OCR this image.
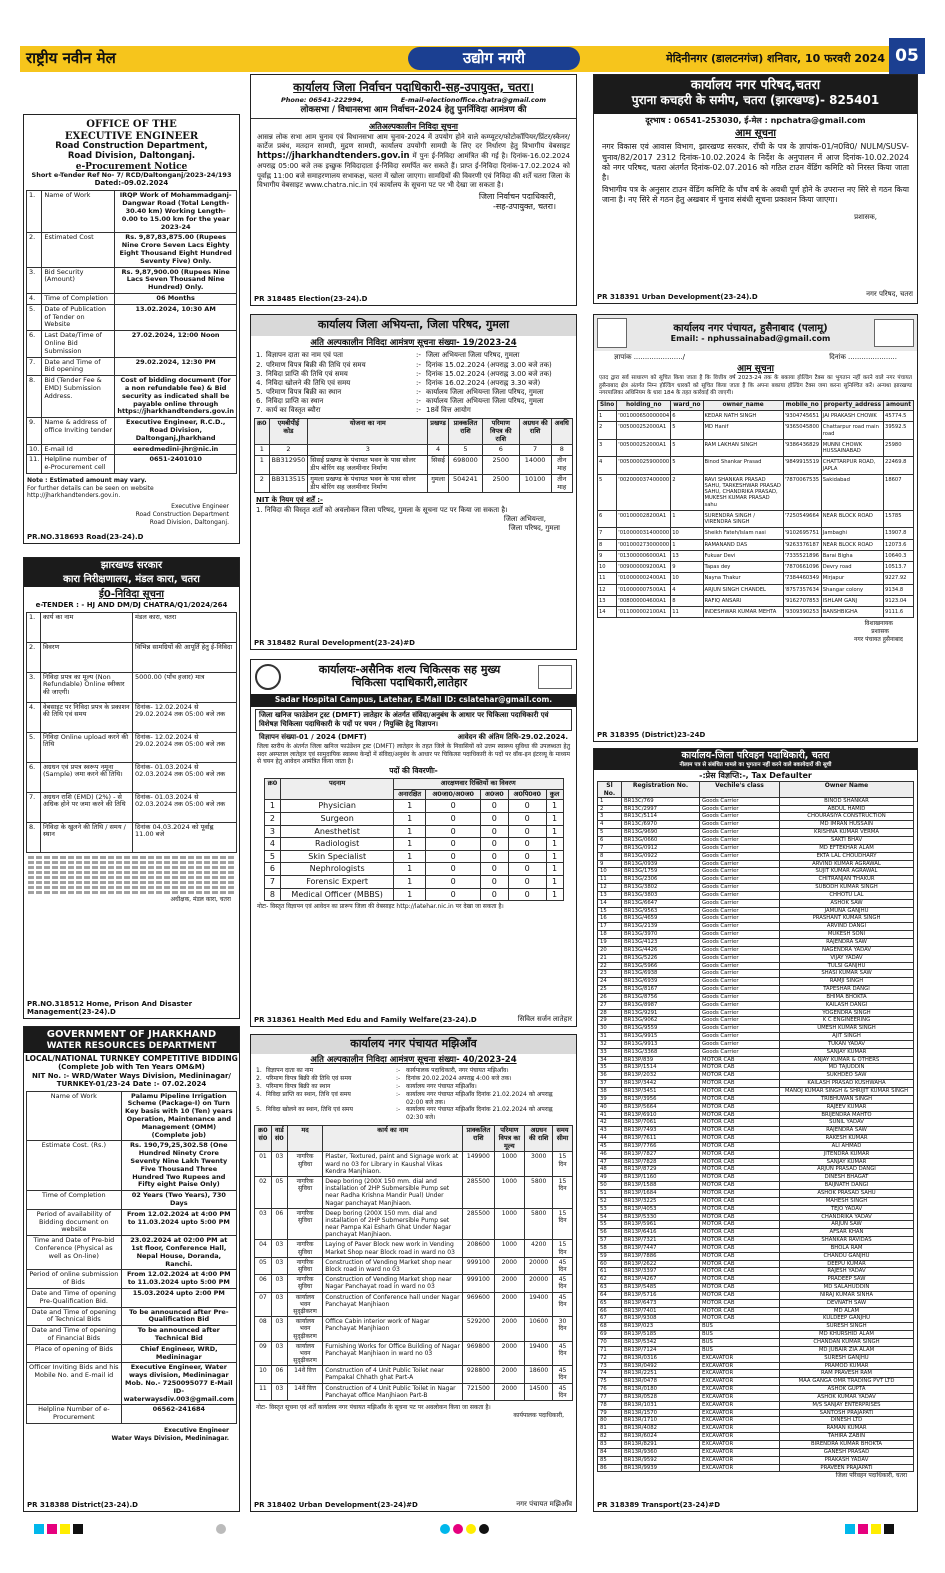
राष्ट्रीय नवीन मेल	उद्योग नगरी	मेदिनीनगर (डालटनगंज) शनिवार, 10 फरवरी 2024 05
OFFICE OF THE
EXECUTIVE ENGINEER
Road Construction Department,
Road Division, Daltonganj.
e-Procurement Notice
Short e-Tender Ref No- 7/ RCD/Daltonganj/2023-24/193
Dated:-09.02.2024
1.	Name of Work	IRQP Work of Mohammadganj-Dangwar Road (Total Length- 30.40 km) Working Length- 0.00 to 15.00 km for the year 2023-24
2.	Estimated Cost	Rs. 9,87,83,875.00 (Rupees Nine Crore Seven Lacs Eighty Eight Thousand Eight Hundred Seventy Five) Only.
3.	Bid Security (Amount)	Rs. 9,87,900.00 (Rupees Nine Lacs Seven Thousand Nine Hundred) Only.
4.	Time of Completion	06 Months
5.	Date of Publication of Tender on Website	13.02.2024, 10:30 AM
6.	Last Date/Time of Online Bid Submission	27.02.2024, 12:00 Noon
7.	Date and Time of Bid opening	29.02.2024, 12:30 PM
8.	Bid (Tender Fee & EMD) Submission Address.	Cost of bidding document (for a non refundable fee) & Bid security as indicated shall be payable online through https://jharkhandtenders.gov.in
9.	Name & address of office Inviting tender	Executive Engineer, R.C.D., Road Division, Daltonganj,Jharkhand
10.	E-mail Id	eeredmedini-jhr@nic.in
11.	Helpline number of e-Procurement cell	0651-2401010
Note : Estimated amount may vary.
For further details can be seen on website http://jharkhandtenders.gov.in.
Executive Engineer
Road Construction Department
Road Division, Daltonganj.
PR.NO.318693 Road(23-24).D
झारखण्ड सरकार
कारा निरीक्षणालय, मंडल कारा, चतरा
ई0-निविदा सूचना
e-TENDER : - HJ AND DM/DJ CHATRA/Q1/2024/264
1.	कार्य का नाम	मंडल कारा, चतरा
2.	विवरण	विभिन्न सामग्रियों की आपूर्ति हेतु ई-निविदा
3.	निविदा प्रपत्र का मूल्य (Non Refundable) Online स्वीकार की जाएगी।	5000.00 (पाँच हजार) मात्र
4.	वेबसाइट पर निविदा प्रपत्र के प्रकाशन की तिथि एवं समय	दिनांक- 12.02.2024 से 29.02.2024 तक 05:00 बजे तक
5.	निविदा Online upload करने की तिथि	दिनांक- 12.02.2024 से 29.02.2024 तक 05:00 बजे तक
6.	अग्रधन एवं प्रपत्र स्वरूप नमूना (Sample) जमा करने की तिथि।	दिनांक- 01.03.2024 से 02.03.2024 तक 05:00 बजे तक
7.	अग्रधन राशि (EMD) (2%) - से अधिक होने पर जमा करने की तिथि	दिनांक- 01.03.2024 से 02.03.2024 तक 05:00 बजे तक
8.	निविदा के खुलने की तिथि / समय / स्थान	दिनांक 04.03.2024 को पूर्वाह्न 11.00 बजे
अधीक्षक, मंडल कारा, चतरा
PR.NO.318512 Home, Prison And Disaster Management(23-24).D
GOVERNMENT OF JHARKHAND
WATER RESOURCES DEPARTMENT
LOCAL/NATIONAL TURNKEY COMPETITIVE BIDDING
(Complete Job with Ten Years OM&M)
NIT No. :- WRD/Water Ways Division, Medininagar/
TURNKEY-01/23-24 Date :- 07.02.2024
Name of Work	Palamu Pipeline Irrigation Scheme (Package-I) on Turn Key basis with 10 (Ten) years Operation, Maintenance and Management (OMM) (Complete job)
Estimate Cost. (Rs.)	Rs. 190,79,25,302.58 (One Hundred Ninety Crore Seventy Nine Lakh Twenty Five Thousand Three Hundred Two Rupees and Fifty eight Paise Only)
Time of Completion	02 Years (Two Years), 730 Days
Period of availability of Bidding document on website	From 12.02.2024 at 4:00 PM to 11.03.2024 upto 5:00 PM
Time and Date of Pre-bid Conference (Physical as well as On-line)	23.02.2024 at 02:00 PM at 1st floor, Conference Hall, Nepal House, Doranda, Ranchi.
Period of online submission of Bids	From 12.02.2024 at 4:00 PM to 11.03.2024 upto 5:00 PM
Date and Time of opening Pre-Qualification Bid.	15.03.2024 upto 2:00 PM
Date and Time of opening of Technical Bids	To be announced after Pre-Qualification Bid
Date and Time of opening of Financial Bids	To be announced after Technical Bid
Place of opening of Bids	Chief Engineer, WRD, Medininagar
Officer Inviting Bids and his Mobile No. and E-mail id	Executive Engineer, Water ways division, Medininagar Mob. No.- 7250095077 E-Mail ID- waterwaysdiv.003@gmail.com
Helpline Number of e-Procurement	06562-241684
Executive Engineer
Water Ways Division, Medininagar.
PR 318388 District(23-24).D
कार्यालय जिला निर्वाचन पदाधिकारी-सह-उपायुक्त, चतरा।
Phone: 06541-222994,	E-mail-electionoffice.chatra@gmail.com
लोकसभा / विधानसभा आम निर्वाचन-2024 हेतु पुनर्निविदा आमंत्रण की
अतिअल्पकालीन निविदा सूचना
आसन्न लोक सभा आम चुनाव एवं विधानसभा आम चुनाव-2024 में उपयोग होने वाले कम्प्यूटर/फोटोकॉपियर/प्रिंटर/स्कैनर/कार्टेज प्रबंध, मतदान सामग्री, मुद्रण सामग्री, कार्यालय उपयोगी सामग्री के लिए दर निर्धारण हेतु विभागीय वेबसाइट https://jharkhandtenders.gov.in में पुनः ई-निविदा आमंत्रित की गई है। दिनांक-16.02.2024 अपराह्न 05:00 बजे तक इच्छुक निविदादाता ई-निविदा समर्पित कर सकते हैं। प्राप्त ई-निविदा दिनांक-17.02.2024 को पूर्वाह्न 11:00 बजे समाहरणालय सभाकक्ष, चतरा में खोला जाएगा। सामग्रियों की विवरणी एवं निविदा की शर्तें चतरा जिला के विभागीय वेबसाइट www.chatra.nic.in एवं कार्यालय के सूचना पट पर भी देखा जा सकता है।
जिला निर्वाचन पदाधिकारी,
-सह-उपायुक्त, चतरा।
PR 318485 Election(23-24).D
कार्यालय जिला अभियन्ता, जिला परिषद, गुमला
अति अल्पकालीन निविदा आमंत्रण सूचना संख्या- 19/2023-24
1. विज्ञापन दाता का नाम एवं पता	:- जिला अभियन्ता जिला परिषद, गुमला
2. परिमाण विपत्र बिक्री की तिथि एवं समय	:- दिनांक 15.02.2024 (अपराह्न 3.00 बजे तक)
3. निविदा प्राप्ति की तिथि एवं समय	:- दिनांक 15.02.2024 (अपराह्न 3.00 बजे तक)
4. निविदा खोलने की तिथि एवं समय	:- दिनांक 16.02.2024 (अपराह्न 3.30 बजे)
5. परिमाण विपत्र बिक्री का स्थान	:- कार्यालय जिला अभियन्ता जिला परिषद, गुमला
6. निविदा प्राप्ति का स्थान	:- कार्यालय जिला अभियन्ता जिला परिषद, गुमला
7. कार्य का विस्तृत ब्यौरा	:- 18वें वित्त आयोग
क्र0	एमबीपीई कोड	योजना का नाम	प्रखण्ड	प्राक्कलित राशि	परिमाण विपत्र की राशि	अग्रधन की राशि	अवधि
1	2	3	4	5	6	7	8
1	BB312950	सिसई प्रखण्ड के पंचायत भवन के पास सोलर डीप बोरिंग सह जलमीनार निर्माण	सिसई	698000	2500	14000	तीन माह
2	BB313515	गुमला प्रखण्ड के पंचायत भवन के पास सोलर डीप बोरिंग सह जलमीनार निर्माण	गुमला	504241	2500	10100	तीन माह
NIT के नियम एवं शर्तें :-
1. निविदा की विस्तृत शर्तों को अवलोकन जिला परिषद, गुमला के सूचना पट पर किया जा सकता है।
जिला अभियन्ता,
जिला परिषद, गुमला
PR 318482 Rural Development(23-24)#D
कार्यालयः-असैनिक शल्य चिकित्सक सह मुख्य
चिकित्सा पदाधिकारी,लातेहार
Sadar Hospital Campus, Latehar, E-Mail ID: cslatehar@gmail.com.
जिला खनिज फाउंडेशन ट्रस्ट (DMFT) लातेहार के अंतर्गत संविदा/अनुबंध के आधार पर चिकित्सा पदाधिकारी एवं विशेषज्ञ चिकित्सा पदाधिकारी के पदों पर चयन / नियुक्ति हेतु विज्ञापन।
विज्ञापन संख्या-01 / 2024 (DMFT)	आवेदन की अंतिम तिथि-29.02.2024.
जिला स्तरीय के अंतर्गत जिला खनिज फाउंडेशन ट्रस्ट (DMFT) लातेहार के तहत जिले के निवासियों को उत्तम स्वास्थ्य सुविधा की उपलब्धता हेतु सदर अस्पताल लातेहार एवं सामुदायिक स्वास्थ्य केन्द्रों में संविदा/अनुबंध के आधार पर चिकित्सा पदाधिकारी के पदों पर वॉक-इन इंटरव्यू के माध्यम से चयन हेतु आवेदन आमंत्रित किया जाता है।
पदों की विवरणीः-
क्र0	पदनाम	आरक्षणवार रिक्तियों का विवरण				
		अनारक्षित	अ0जा0/अ0ज0	अ0ज0	अ0पि0व0	कुल
1	Physician	1	0	0	0	1
2	Surgeon	1	0	0	0	1
3	Anesthetist	1	0	0	0	1
4	Radiologist	1	0	0	0	1
5	Skin Specialist	1	0	0	0	1
6	Nephrologists	1	0	0	0	1
7	Forensic Expert	1	0	0	0	1
8	Medical Officer (MBBS)	1	0	0	0	1
नोटः- विस्तृत विज्ञापन एवं आवेदन का प्रारूप जिला की वेबसाइट http://latehar.nic.in पर देखा जा सकता है।
PR 318361 Health Med Edu and Family Welfare(23-24).D	सिविल सर्जन लातेहार
कार्यालय नगर पंचायत मझिआँव
अति अल्पकालीन निविदा आमंत्रण सूचना संख्या- 40/2023-24
1. विज्ञापन दाता का नाम	:- कार्यपालक पदाधिकारी, नगर पंचायत मझिआँव।
2. परिमाण विपत्र बिक्री की तिथि एवं समय	:- दिनांक 20.02.2024 अपराह्न 4:00 बजे तक।
3. परिमाण विपत्र बिक्री का स्थान	:- कार्यालय नगर पंचायत मझिआँव।
4. निविदा प्राप्ति का स्थान, तिथि एवं समय	:- कार्यालय नगर पंचायत मझिआँव दिनांक 21.02.2024 को अपराह्न 02:00 बजे तक।
5. निविदा खोलने का स्थान, तिथि एवं समय	:- कार्यालय नगर पंचायत मझिआँव दिनांक 21.02.2024 को अपराह्न 02:30 बजे।
क्र0 सं0	वार्ड सं0	मद	कार्य का नाम	प्राक्कलित राशि	परिमाण विपत्र का मूल्य	अग्रधन की राशि	समय सीमा
01	03	नागरिक सुविधा	Plaster, Textured, paint and Signage work at ward no 03 for Library in Kaushal Vikas Kendra Manjhiaon.	149900	1000	3000	15 दिन
02	05	नागरिक सुविधा	Deep boring (200X 150 mm. dial and installation of 2HP Submersible Pump set near Radha Krishna Mandir Pual) Under Nagar panchayat Manjhiaon.	285500	1000	5800	15 दिन
03	06	नागरिक सुविधा	Deep boring (200X 150 mm. dial and installation of 2HP Submersible Pump set near Pampa Kai Esharh Ghat Under Nagar panchayat Manjhiaon.	285500	1000	5800	15 दिन
04	03	नागरिक सुविधा	Laying of Paver Block new work in Vending Market Shop near Block road in ward no 03	208600	1000	4200	15 दिन
05	03	नागरिक सुविधा	Construction of Vending Market shop near Block road in ward no 03	999100	2000	20000	45 दिन
06	03	नागरिक सुविधा	Construction of Vending Market shop near Nagar Panchayat road in ward no 03	999100	2000	20000	45 दिन
07	03	कार्यालय भवन सुदृढ़ीकरण	Construction of Conference hall under Nagar Panchayat Manjhiaon	969600	2000	19400	45 दिन
08	03	कार्यालय भवन सुदृढ़ीकरण	Office Cabin interior work of Nagar Panchayat Manjhiaon	529200	2000	10600	30 दिन
09	03	कार्यालय भवन सुदृढ़ीकरण	Furnishing Works for Office Building of Nagar Panchayat Manjhiaon in ward no 03	969800	2000	19400	45 दिन
10	06	14वें वित्त	Construction of 4 Unit Public Toilet near Pampakal Chhath ghat Part-A	928800	2000	18600	45 दिन
11	03	14वें वित्त	Construction of 4 Unit Public Toilet in Nagar Panchayat office Manjhiaon Part-B	721500	2000	14500	45 दिन
नोटः- विस्तृत सूचना एवं शर्तें कार्यालय नगर पंचायत मझिआँव के सूचना पट पर अवलोकन किया जा सकता है।
कार्यपालक पदाधिकारी,
PR 318402 Urban Development(23-24)#D	नगर पंचायत मझिआँव
कार्यालय नगर परिषद,चतरा
पुराना कचहरी के समीप, चतरा (झारखण्ड)- 825401
दूरभाष : 06541-253030, ई-मेल : npchatra@gmail.com
आम सूचना
नगर विकास एवं आवास विभाग, झारखण्ड सरकार, राँची के पत्र के ज्ञापांक-01/न0वि0/ NULM/SUSV-चुनाव/82/2017 2312 दिनांक-10.02.2024 के निर्देश के अनुपालन में आज दिनांक-10.02.2024 को नगर परिषद, चतरा अंतर्गत दिनांक-02.07.2016 को गठित टाउन वेंडिंग कमिटि को निरस्त किया जाता है।
विभागीय पत्र के अनुसार टाउन वेंडिंग कमिटि के पाँच वर्ष के अवधी पूर्ण होने के उपरान्त नए सिरे से गठन किया जाना है। नए सिरे से गठन हेतु अखबार में चुनाव संबंधी सूचना प्रकाशन किया जाएगा।
प्रशासक,
PR 318391 Urban Development(23-24).D	नगर परिषद, चतरा
कार्यालय नगर पंचायत, हुसैनाबाद (पलामू)
Email: - nphussainabad@gmail.com
ज्ञापांक ....................../	दिनांक ......................
आम सूचना
एतद द्वारा सर्व साधारण को सूचित किया जाता है कि वित्तीय वर्ष 2023-24 तक के बकाया होल्डिंग टैक्स का भुगतान नहीं करने वाले नगर पंचायत हुसैनाबाद क्षेत्र अंतर्गत निम्न होल्डिंग धारकों को सूचित किया जाता है कि अपना बकाया होल्डिंग टैक्स जमा करना सुनिश्चित करें। अन्यथा झारखण्ड नगरपालिका अधिनियम के धारा 184 के तहत कार्रवाई की जाएगी।
Slno	holding_no	ward_no	owner_name	mobile_no	property_address	amount
1	'001000650000004	6	KEDAR NATH SINGH	'9304745651	JAI PRAKASH CHOWK	45774.5
2	'005000252000A1	5	MD Hanif	'9365045800	Chattarpur road main road	39592.5
3	'005000252000A1	5	RAM LAKHAN SINGH	'9386436829	MUNNI CHOWK HUSSAINABAD	25980
4	'005000025900000	5	Binod Shankar Prasad	'9849915519	CHATTARPUR ROAD, JAPLA	22469.8
5	'002000037400000	2	RAVI SHANKAR PRASAD SAHU, TARKESHWAR PRASAD SAHU, CHANDRIKA PRASAD, MUKESH KUMAR PRASAD sahu	'7870067535	Sakidabad	18607
6	'001000028200A1	1	SURENDRA SINGH / VIRENDRA SINGH	'7250549664	NEAR BLOCK ROAD	15785
7	'010000031400000	10	Sheikh Fateh/Islam nasi	'9102695751	Jambaghi	13907.8
8	'001000273000000	1	RAMANAND DAS	'9263376187	NEAR BLOCK ROAD	12073.6
9	'013000006000A1	13	Fukuar Devi	'7335521896	Barai Bigha	10640.3
10	'009000009200A1	9	Tapas dey	'7870661096	Devry road	10513.7
11	'010000002400A1	10	Nayna Thakur	'7384460349	Mirjapur	9227.92
12	'010000007500A1	4	ARJUN SINGH CHANDEL	'8757357634	Shangar colony	9134.8
13	'008000004600A1	8	RAFIQ ANSARI	'9162707853	ISHLAM GANJ	9123.04
14	'011000002100A1	11	INDESHWAR KUMAR MEHTA	'9309390253	BANSHBIGHA	9111.6
विशाखनायक
प्रशासक
नगर पंचायत हुसैनाबाद
PR 318395 (District)23-24D
कार्यालय-जिला परिवहन पदाधिकारी, चतरा
नीलाम पत्र से संबंधित मामले का भुगतान नहीं करने वाले बकायेदारों की सूची
-:प्रेस विज्ञप्ति:-, Tax Defaulter
Sl No.	Registration No.	Vechile's class	Owner Name
1	BR13C/769	Goods Carrier	BINOD SHANKAR
2	BR13C/2997	Goods Carrier	ABDUL HAMID
3	BR13C/5114	Goods Carrier	CHOURASIYA CONSTRUCTION
4	BR13C/6970	Goods Carrier	MD IMRAN HUSSAIN
5	BR13G/9690	Goods Carrier	KRISHNA KUMAR VERMA
6	BR13G/0660	Goods Carrier	SAKTI BHAV
7	BR13G/0912	Goods Carrier	MD EFTEKHAR ALAM
8	BR13G/0922	Goods Carrier	EKTA LAL CHOUDHARY
9	BR13G/0939	Goods Carrier	ARVIND KUMAR AGRAWAL
10	BR13G/1759	Goods Carrier	SUJIT KUMAR AGRAWAL
11	BR13G/2306	Goods Carrier	CHITRANJAN THAKUR
12	BR13G/3802	Goods Carrier	SUBODH KUMAR SINGH
13	BR13G/3803	Goods Carrier	CHHOTU LAL
14	BR13G/6647	Goods Carrier	ASHOK SAW
15	BR13G/9563	Goods Carrier	JAMUNA GANJHU
16	BR13G/4659	Goods Carrier	PRASHANT KUMAR SINGH
17	BR13G/2139	Goods Carrier	ARVIND DANGI
18	BR13G/3970	Goods Carrier	MUKESH SONI
19	BR13G/4123	Goods Carrier	RAJENDRA SAW
20	BR13G/4426	Goods Carrier	NAGENDRA YADAV
21	BR13G/5226	Goods Carrier	VIJAY YADAV
22	BR13G/5966	Goods Carrier	TULSI GANJHU
23	BR13G/6938	Goods Carrier	SHASI KUMAR SAW
24	BR13G/6939	Goods Carrier	RAMJI SINGH
25	BR13G/8167	Goods Carrier	TAPESHAR DANGI
26	BR13G/8756	Goods Carrier	BHIMA BHOKTA
27	BR13G/8987	Goods Carrier	KAILASH DANGI
28	BR13G/9291	Goods Carrier	YOGENDRA SINGH
29	BR13G/9062	Goods Carrier	K C ENGINEERING
30	BR13G/9559	Goods Carrier	UMESH KUMAR SINGH
31	BR13G/9915	Goods Carrier	AJIT SINGH
32	BR13G/9913	Goods Carrier	TUKAN YADAV
33	BR13G/3368	Goods Carrier	SANJAY KUMAR
34	BR13P/839	MOTOR CAB	ANJAY KUMAR & OTHERS
35	BR13P/1514	MOTOR CAB	MD TAJUDDIN
36	BR13P/2032	MOTOR CAB	SUKHDEO SAW
37	BR13P/3442	MOTOR CAB	KAILASH PRASAD KUSHWAHA
38	BR13P/3451	MOTOR CAB	MANOJ KUMAR SINGH & SHRIJIT KUMAR SINGH
39	BR13P/3956	MOTOR CAB	TRIBHUWAN SINGH
40	BR13P/5664	MOTOR CAB	RAJEEV KUMAR
41	BR13P/6910	MOTOR CAB	BRIJENDRA MAHTO
42	BR13P/7061	MOTOR CAB	SUNIL YADAV
43	BR13P/7493	MOTOR CAB	RAJENDRA SAW
44	BR13P/7611	MOTOR CAB	RAKESH KUMAR
45	BR13P/7766	MOTOR CAB	ALI AHMAD
46	BR13P/7827	MOTOR CAB	JITENDRA KUMAR
47	BR13P/7828	MOTOR CAB	SANJAY KUMAR
48	BR13P/8729	MOTOR CAB	ARJUN PRASAD DANGI
49	BR13P/1160	MOTOR CAB	DINESH BHAGAT
50	BR13P/1588	MOTOR CAB	BAIJNATH DANGI
51	BR13P/1684	MOTOR CAB	ASHOK PRASAD SAHU
52	BR13P/3225	MOTOR CAB	MAHESH SINGH
53	BR13P/4053	MOTOR CAB	TEJO YADAV
54	BR13P/5330	MOTOR CAB	CHANDRIKA YADAV
55	BR13P/5961	MOTOR CAB	ARJUN SAW
56	BR13P/6416	MOTOR CAB	AFSAR KHAN
57	BR13P/7321	MOTOR CAB	SHANKAR RAVIDAS
58	BR13P/7447	MOTOR CAB	BHOLA RAM
59	BR13P/7886	MOTOR CAB	CHANDU GANJHU
60	BR13P/2622	MOTOR CAB	DEEPU KUMAR
61	BR13P/3397	MOTOR CAB	RAJESH YADAV
62	BR13P/4267	MOTOR CAB	PRADEEP SAW
63	BR13P/5485	MOTOR CAB	MD SALAHUDDIN
64	BR13P/5716	MOTOR CAB	NIRAJ KUMAR SINHA
65	BR13P/6473	MOTOR CAB	DEVNATH SAW
66	BR13P/7401	MOTOR CAB	MD ALAM
67	BR13P/9308	MOTOR CAB	KULDEEP GANJHU
68	BR13P/023	BUS	SURESH SINGH
69	BR13P/5185	BUS	MD KHURSHID ALAM
70	BR13P/5342	BUS	CHANDAN KUMAR SINGH
71	BR13P/7124	BUS	MD JUBAIR ZIA ALAM
72	BR13R/0316	EXCAVATOR	SURESH GANJHU
73	BR13R/0492	EXCAVATOR	PRAMOD KUMAR
74	BR13R/2251	EXCAVATOR	RAM PRAVESH RAM
75	BR13R/0478	EXCAVATOR	MAA GANGA OMR TRADING PVT LTD
76	BR13R/0180	EXCAVATOR	ASHOK GUPTA
77	BR13R/0528	EXCAVATOR	ASHOK KUMAR YADAV
78	BR13R/1031	EXCAVATOR	M/S SANJAY ENTERPRISES
79	BR13R/1570	EXCAVATOR	SANTOSH PRAJAPATI
80	BR13R/1710	EXCAVATOR	DINESH LTD
81	BR13R/4082	EXCAVATOR	RAMAN KUMAR
82	BR13R/6024	EXCAVATOR	TAHIRA ZABIN
83	BR13R/8291	EXCAVATOR	BIRENDRA KUMAR BHOKTA
84	BR13R/9360	EXCAVATOR	GANESH PRASAD
85	BR13R/9592	EXCAVATOR	PRAKASH YADAV
86	BR13R/9939	EXCAVATOR	PRAVEEN PRAJAPATI
जिला परिवहन पदाधिकारी, चतरा
PR 318389 Transport(23-24)#D
